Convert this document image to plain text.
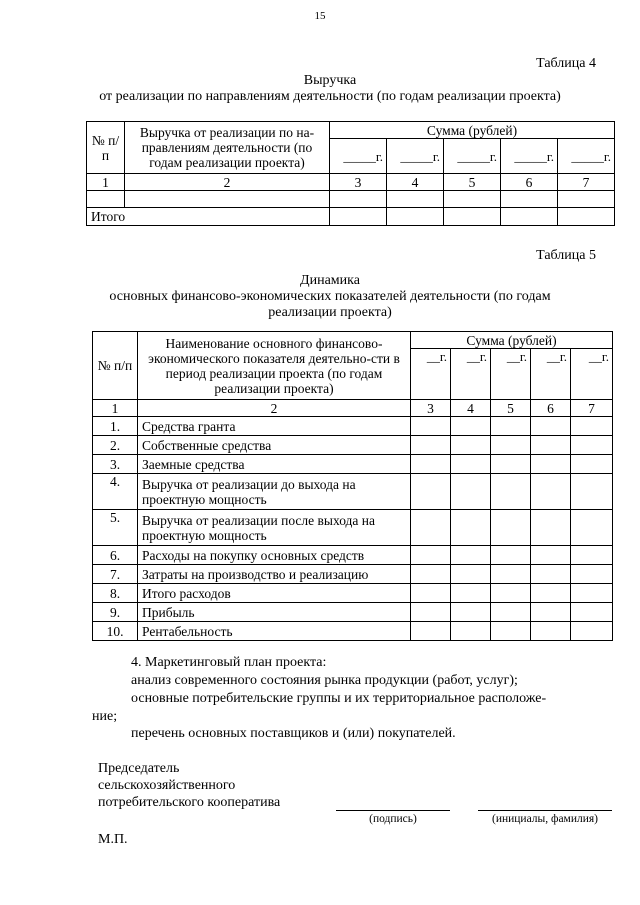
15
Таблица 4
Выручка
от реализации по направлениям деятельности (по годам реализации проекта)
№ п/п	Выручка от реализации по на-правлениям деятельности (по годам реализации проекта)	Сумма (рублей)				
		_____г.	_____г.	_____г.	_____г.	_____г.
1	2	3	4	5	6	7

Итого						
Таблица 5
Динамика
основных финансово-экономических показателей деятельности (по годам
реализации проекта)
№ п/п	Наименование основного финансово-экономического показателя деятельно-сти в период реализации проекта (по годам реализации проекта)	Сумма (рублей)				
		__г.	__г.	__г.	__г.	__г.
1	2	3	4	5	6	7
1.	Средства гранта					
2.	Собственные средства					
3.	Заемные средства					
4.	Выручка от реализации до выхода на проектную мощность					
5.	Выручка от реализации после выхода на проектную мощность					
6.	Расходы на покупку основных средств					
7.	Затраты на производство и реализацию					
8.	Итого расходов					
9.	Прибыль					
10.	Рентабельность					
4. Маркетинговый план проекта:
анализ современного состояния рынка продукции (работ, услуг);
основные потребительские группы и их территориальное расположе-
ние;
перечень основных поставщиков и (или) покупателей.
Председатель
сельскохозяйственного
потребительского кооператива
(подпись)	(инициалы, фамилия)
М.П.
